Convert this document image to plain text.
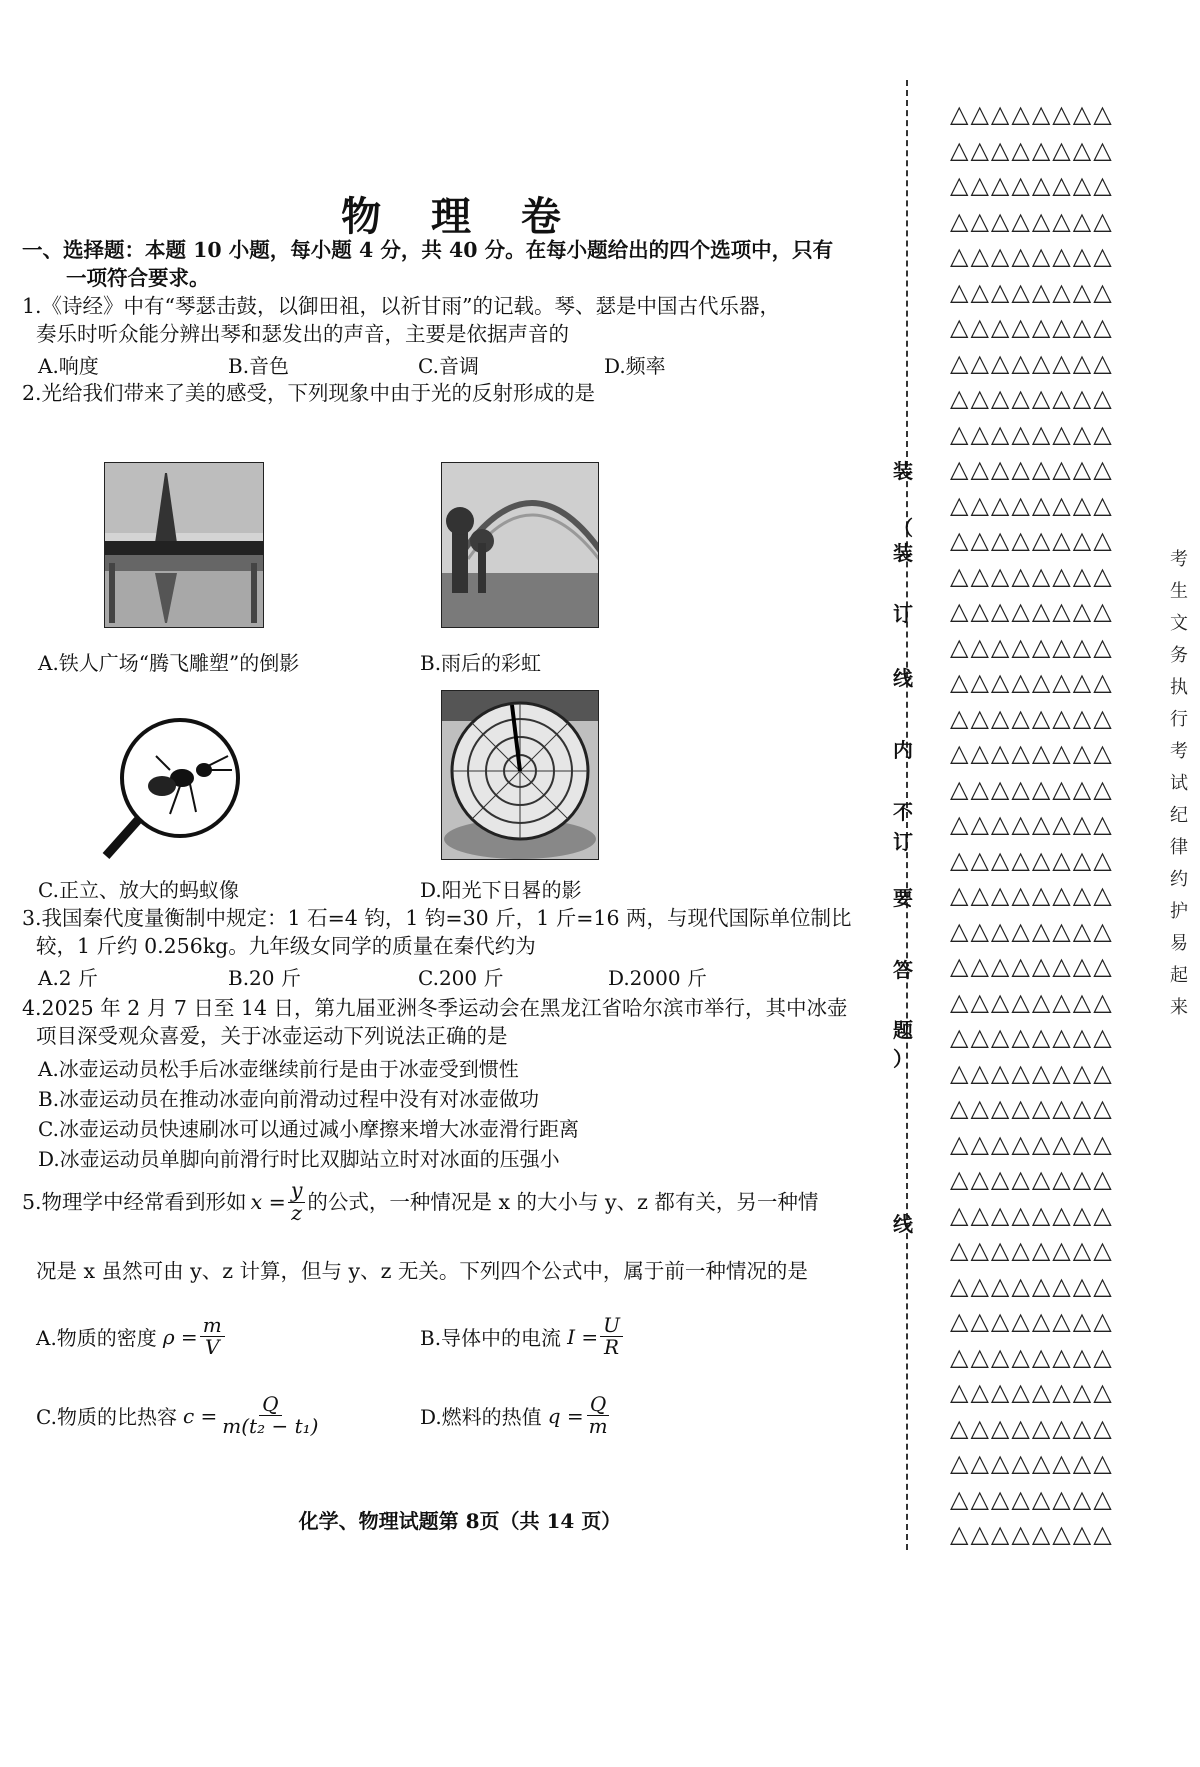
物 理 卷
一、选择题：本题 10 小题，每小题 4 分，共 40 分。在每小题给出的四个选项中，只有
一项符合要求。
1.《诗经》中有“琴瑟击鼓，以御田祖，以祈甘雨”的记载。琴、瑟是中国古代乐器，
奏乐时听众能分辨出琴和瑟发出的声音，主要是依据声音的
A.响度	B.音色	C.音调	D.频率
2.光给我们带来了美的感受，下列现象中由于光的反射形成的是
A.铁人广场“腾飞雕塑”的倒影	B.雨后的彩虹
C.正立、放大的蚂蚁像	D.阳光下日晷的影
3.我国秦代度量衡制中规定：1 石=4 钧，1 钧=30 斤，1 斤=16 两，与现代国际单位制比
较，1 斤约 0.256kg。九年级女同学的质量在秦代约为
A.2 斤	B.20 斤	C.200 斤	D.2000 斤
4.2025 年 2 月 7 日至 14 日，第九届亚洲冬季运动会在黑龙江省哈尔滨市举行，其中冰壶
项目深受观众喜爱，关于冰壶运动下列说法正确的是
A.冰壶运动员松手后冰壶继续前行是由于冰壶受到惯性
B.冰壶运动员在推动冰壶向前滑动过程中没有对冰壶做功
C.冰壶运动员快速刷冰可以通过减小摩擦来增大冰壶滑行距离
D.冰壶运动员单脚向前滑行时比双脚站立时对冰面的压强小
5.物理学中经常看到形如 $x = \frac{y}{z}$ 的公式，一种情况是 x 的大小与 y、z 都有关，另一种情
况是 x 虽然可由 y、z 计算，但与 y、z 无关。下列四个公式中，属于前一种情况的是
A.物质的密度 $\rho = \frac{m}{V}$	B.导体中的电流 $I = \frac{U}{R}$
C.物质的比热容 $c = \frac{Q}{\text{m(t₂ − t₁)}}$	D.燃料的热值 $q = \frac{Q}{m}$
化学、物理试题第 8页（共 14 页）
装
（
装
订
线
内
不
订
要
答
题
）
线
△△△△△△△△
△△△△△△△△
△△△△△△△△
△△△△△△△△
△△△△△△△△
△△△△△△△△
△△△△△△△△
△△△△△△△△
△△△△△△△△
△△△△△△△△
△△△△△△△△
△△△△△△△△
△△△△△△△△
△△△△△△△△
△△△△△△△△
△△△△△△△△
△△△△△△△△
△△△△△△△△
△△△△△△△△
△△△△△△△△
△△△△△△△△
△△△△△△△△
△△△△△△△△
△△△△△△△△
△△△△△△△△
△△△△△△△△
△△△△△△△△
△△△△△△△△
△△△△△△△△
△△△△△△△△
△△△△△△△△
△△△△△△△△
△△△△△△△△
△△△△△△△△
△△△△△△△△
△△△△△△△△
△△△△△△△△
△△△△△△△△
△△△△△△△△
△△△△△△△△
△△△△△△△△
考
生
文
务
执
行
考
试
纪
律
约
护
易
起
来
